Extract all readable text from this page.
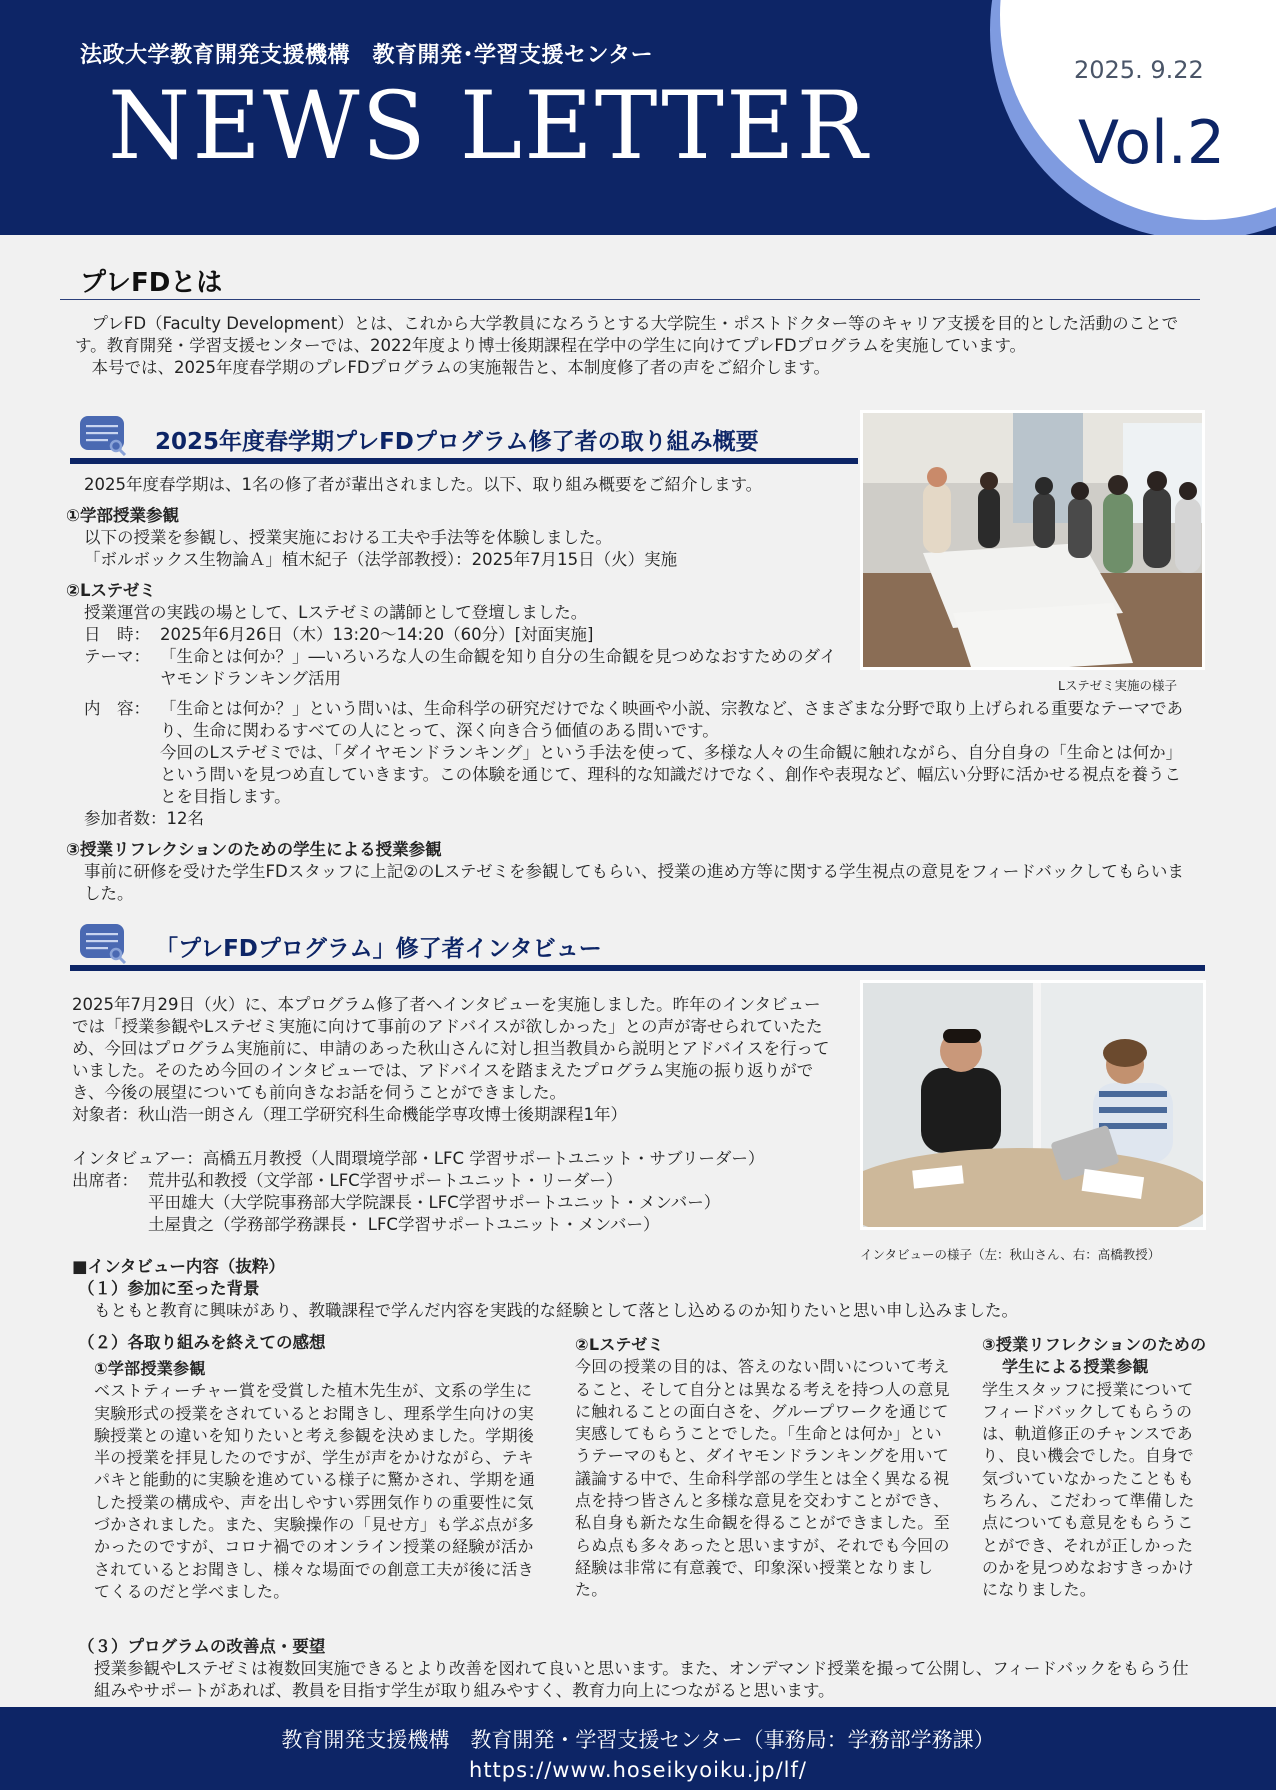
法政大学教育開発支援機構　教育開発･学習支援センター
NEWS LETTER
2025. 9.22
Vol.2
プレFDとは

プレFD（Faculty Development）とは、これから大学教員になろうとする大学院生・ポストドクター等のキャリア支援を目的とした活動のことです。教育開発・学習支援センターでは、2022年度より博士後期課程在学中の学生に向けてプレFDプログラムを実施しています。

本号では、2025年度春学期のプレFDプログラムの実施報告と、本制度修了者の声をご紹介します。

2025年度春学期プレFDプログラム修了者の取り組み概要
Lステゼミ実施の様子
2025年度春学期は、1名の修了者が輩出されました。以下、取り組み概要をご紹介します。
①学部授業参観
以下の授業を参観し、授業実施における工夫や手法等を体験しました。
「ボルボックス生物論Ａ」植木紀子（法学部教授）：2025年7月15日（火）実施
②Lステゼミ
授業運営の実践の場として、Lステゼミの講師として登壇しました。
日　時： 2025年6月26日（木）13:20～14:20（60分）[対面実施]
テーマ： 「生命とは何か？」―いろいろな人の生命観を知り自分の生命観を見つめなおすためのダイヤモンドランキング活用
内　容： 「生命とは何か？」という問いは、生命科学の研究だけでなく映画や小説、宗教など、さまざまな分野で取り上げられる重要なテーマであり、生命に関わるすべての人にとって、深く向き合う価値のある問いです。
今回のLステゼミでは、「ダイヤモンドランキング」という手法を使って、多様な人々の生命観に触れながら、自分自身の「生命とは何か」という問いを見つめ直していきます。この体験を通じて、理科的な知識だけでなく、創作や表現など、幅広い分野に活かせる視点を養うことを目指します。
参加者数：12名
③授業リフレクションのための学生による授業参観
事前に研修を受けた学生FDスタッフに上記②のLステゼミを参観してもらい、授業の進め方等に関する学生視点の意見をフィードバックしてもらいました。
「プレFDプログラム」修了者インタビュー
インタビューの様子（左：秋山さん、右：高橋教授）
2025年7月29日（火）に、本プログラム修了者へインタビューを実施しました。昨年のインタビューでは「授業参観やLステゼミ実施に向けて事前のアドバイスが欲しかった」との声が寄せられていたため、今回はプログラム実施前に、申請のあった秋山さんに対し担当教員から説明とアドバイスを行っていました。そのため今回のインタビューでは、アドバイスを踏まえたプログラム実施の振り返りができ、今後の展望についても前向きなお話を伺うことができました。
対象者：秋山浩一朗さん（理工学研究科生命機能学専攻博士後期課程1年）
インタビュアー：高橋五月教授（人間環境学部・LFC 学習サポートユニット・サブリーダー）
出席者： 荒井弘和教授（文学部・LFC学習サポートユニット・リーダー）
平田雄大（大学院事務部大学院課長・LFC学習サポートユニット・メンバー）
土屋貴之（学務部学務課長・ LFC学習サポートユニット・メンバー）
■インタビュー内容（抜粋）
（１）参加に至った背景
もともと教育に興味があり、教職課程で学んだ内容を実践的な経験として落とし込めるのか知りたいと思い申し込みました。
（２）各取り組みを終えての感想
①学部授業参観
ベストティーチャー賞を受賞した植木先生が、文系の学生に実験形式の授業をされているとお聞きし、理系学生向けの実験授業との違いを知りたいと考え参観を決めました。学期後半の授業を拝見したのですが、学生が声をかけながら、テキパキと能動的に実験を進めている様子に驚かされ、学期を通した授業の構成や、声を出しやすい雰囲気作りの重要性に気づかされました。また、実験操作の「見せ方」も学ぶ点が多かったのですが、コロナ禍でのオンライン授業の経験が活かされているとお聞きし、様々な場面での創意工夫が後に活きてくるのだと学べました。
②Lステゼミ
今回の授業の目的は、答えのない問いについて考えること、そして自分とは異なる考えを持つ人の意見に触れることの面白さを、グループワークを通じて実感してもらうことでした。「生命とは何か」というテーマのもと、ダイヤモンドランキングを用いて議論する中で、生命科学部の学生とは全く異なる視点を持つ皆さんと多様な意見を交わすことができ、私自身も新たな生命観を得ることができました。至らぬ点も多々あったと思いますが、それでも今回の経験は非常に有意義で、印象深い授業となりました。
③授業リフレクションのための学生による授業参観
学生スタッフに授業についてフィードバックしてもらうのは、軌道修正のチャンスであり、良い機会でした。自身で気づいていなかったことももちろん、こだわって準備した点についても意見をもらうことができ、それが正しかったのかを見つめなおすきっかけになりました。
（３）プログラムの改善点・要望
授業参観やLステゼミは複数回実施できるとより改善を図れて良いと思います。また、オンデマンド授業を撮って公開し、フィードバックをもらう仕組みやサポートがあれば、教員を目指す学生が取り組みやすく、教育力向上につながると思います。
教育開発支援機構　教育開発・学習支援センター（事務局：学務部学務課）
https://www.hoseikyoiku.jp/lf/
